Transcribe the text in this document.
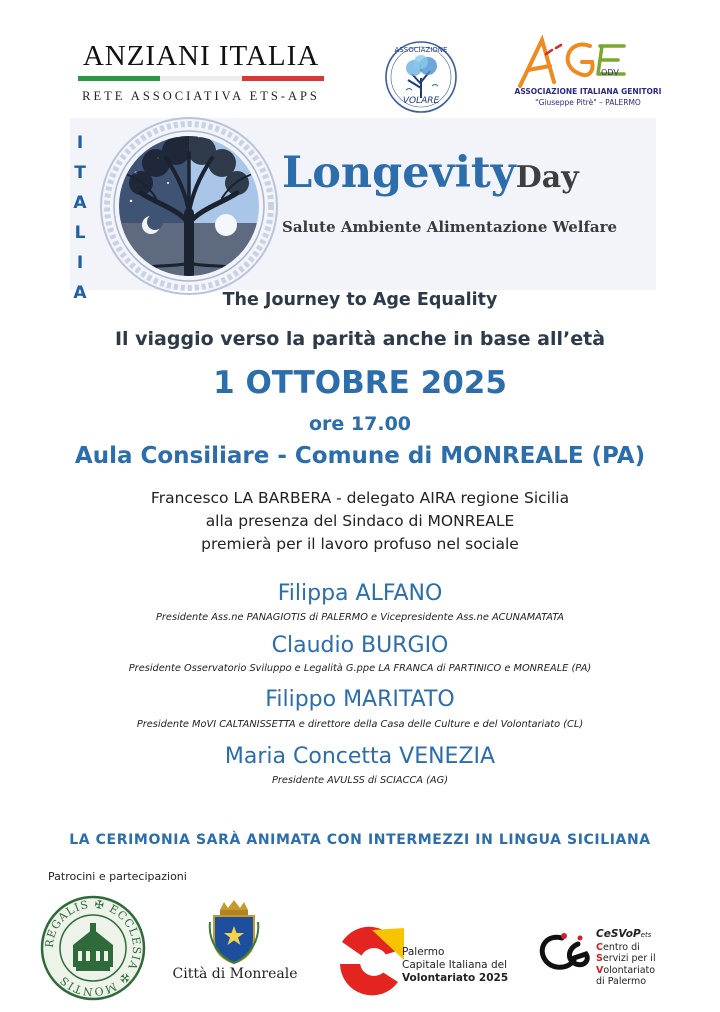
ANZIANI ITALIA
RETE ASSOCIATIVA ETS-APS
ASSOCIAZIONE
VOLARE
ODV
ASSOCIAZIONE ITALIANA GENITORI
"Giuseppe Pitrè" – PALERMO
I
T
A
L
I
A
LongevityDay
Salute Ambiente Alimentazione Welfare
The Journey to Age Equality
Il viaggio verso la parità anche in base all’età
1 OTTOBRE 2025
ore 17.00
Aula Consiliare - Comune di MONREALE (PA)
Francesco LA BARBERA - delegato AIRA regione Sicilia
alla presenza del Sindaco di MONREALE
premierà per il lavoro profuso nel sociale
Filippa ALFANO
Presidente Ass.ne PANAGIOTIS di PALERMO e Vicepresidente Ass.ne ACUNAMATATA
Claudio BURGIO
Presidente Osservatorio Sviluppo e Legalità G.ppe LA FRANCA di PARTINICO e MONREALE (PA)
Filippo MARITATO
Presidente MoVI CALTANISSETTA e direttore della Casa delle Culture e del Volontariato (CL)
Maria Concetta VENEZIA
Presidente AVULSS di SCIACCA (AG)
LA CERIMONIA SARÀ ANIMATA CON INTERMEZZI IN LINGUA SICILIANA
Patrocini e partecipazioni
REGALIS ✠ ECCLESIA ✠ MONTIS	Città di Monreale
Palermo
Capitale Italiana del
Volontariato 2025
CeSVoPets
Centro di
Servizi per il
Volontariato
di Palermo
